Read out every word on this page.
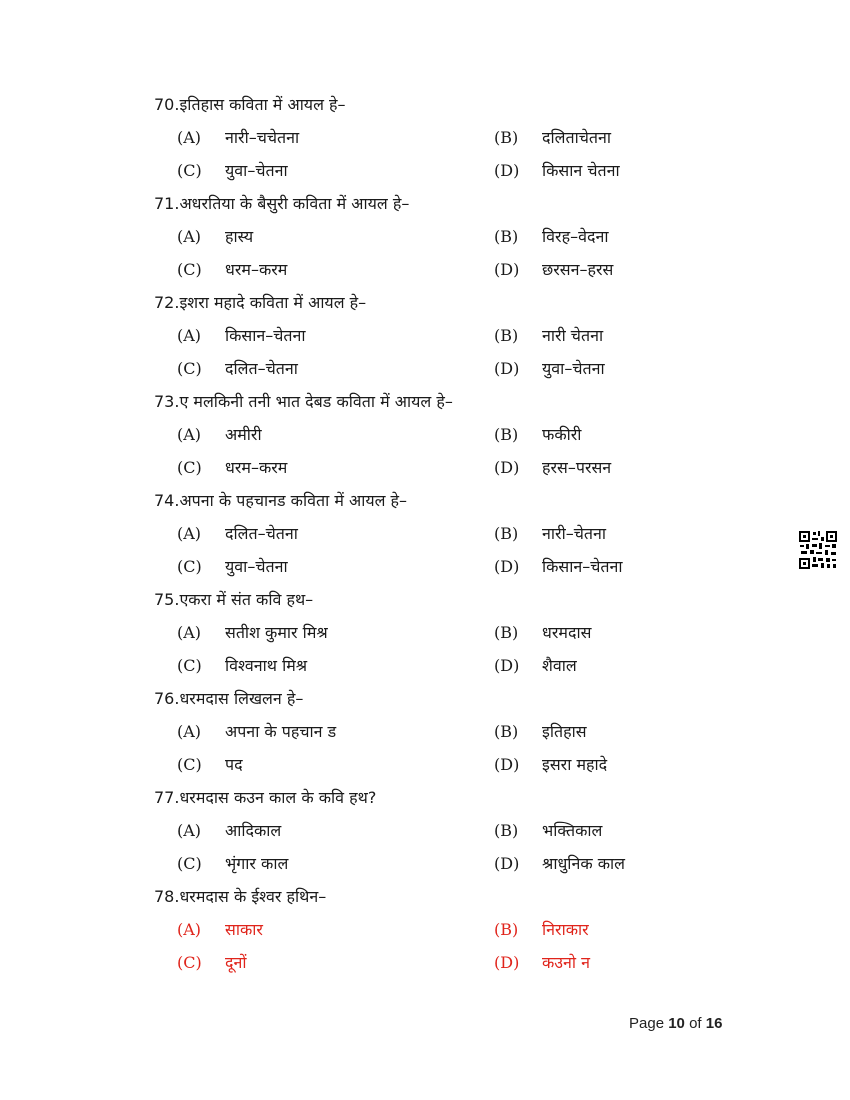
70.इतिहास कविता में आयल हे–
(A) नारी–चचेतना	(B) दलिताचेतना
(C) युवा–चेतना	(D) किसान चेतना
71.अधरतिया के बैसुरी कविता में आयल हे–
(A) हास्य	(B) विरह–वेदना
(C) धरम–करम	(D) छरसन–हरस
72.इशरा महादे कविता में आयल हे–
(A) किसान–चेतना	(B) नारी चेतना
(C) दलित–चेतना	(D) युवा–चेतना
73.ए मलकिनी तनी भात देबड कविता में आयल हे–
(A) अमीरी	(B) फकीरी
(C) धरम–करम	(D) हरस–परसन
74.अपना के पहचानड कविता में आयल हे–
(A) दलित–चेतना	(B) नारी–चेतना
(C) युवा–चेतना	(D) किसान–चेतना
75.एकरा में संत कवि हथ–
(A) सतीश कुमार मिश्र	(B) धरमदास
(C) विश्वनाथ मिश्र	(D) शैवाल
76.धरमदास लिखलन हे–
(A) अपना के पहचान ड	(B) इतिहास
(C) पद	(D) इसरा महादे
77.धरमदास कउन काल के कवि हथ?
(A) आदिकाल	(B) भक्तिकाल
(C) भृंगार काल	(D) श्राधुनिक काल
78.धरमदास के ईश्वर हथिन–
(A) साकार	(B) निराकार
(C) दूनों	(D) कउनो न
Page 10 of 16
